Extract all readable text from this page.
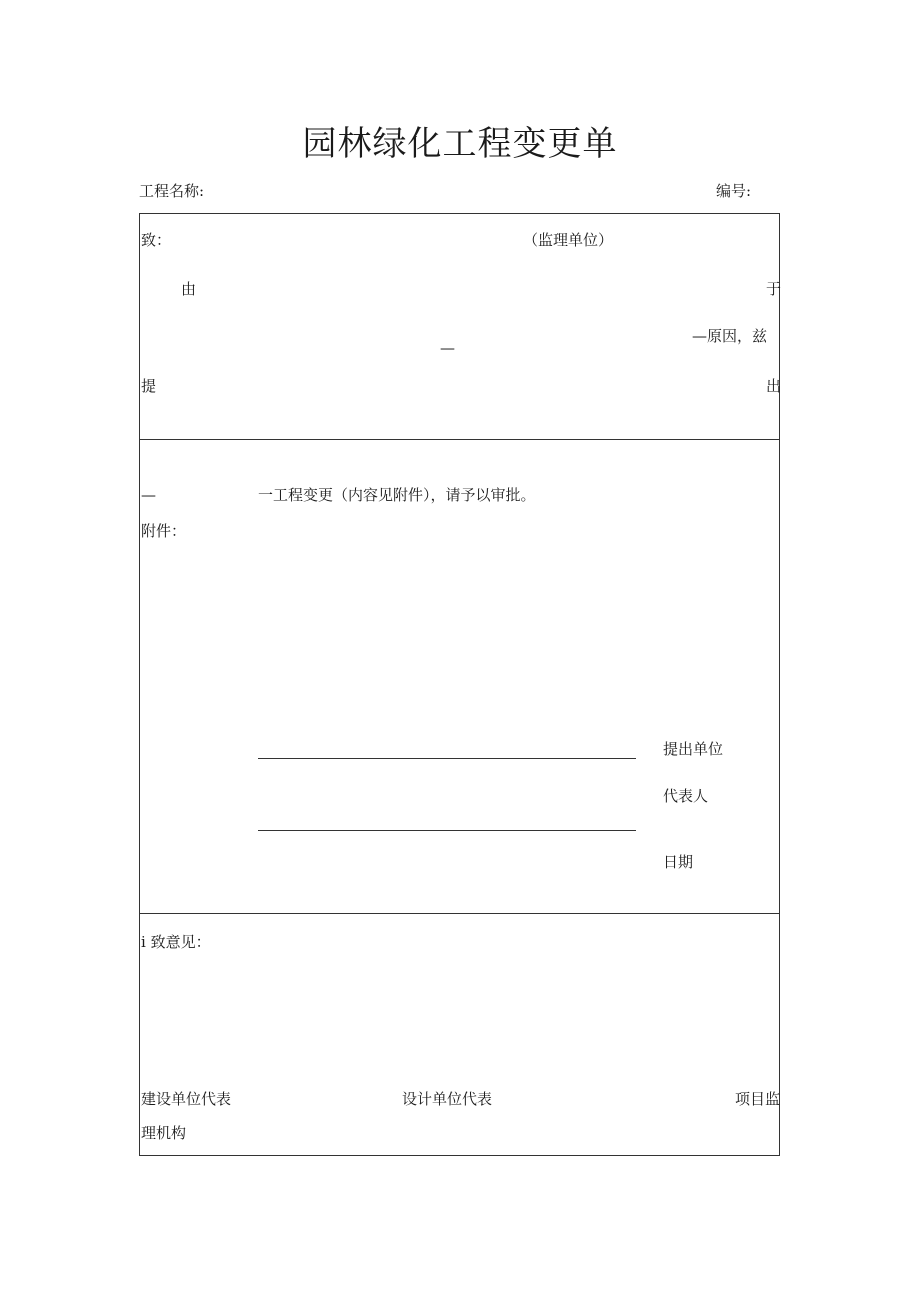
园林绿化工程变更单
工程名称:	编号:
致：	（监理单位）
由	于
—
—原因，兹
提	出
—	一工程变更（内容见附件），请予以审批。
附件：
提出单位
代表人
日期
i 致意见：
建设单位代表	设计单位代表	项目监
理机构
